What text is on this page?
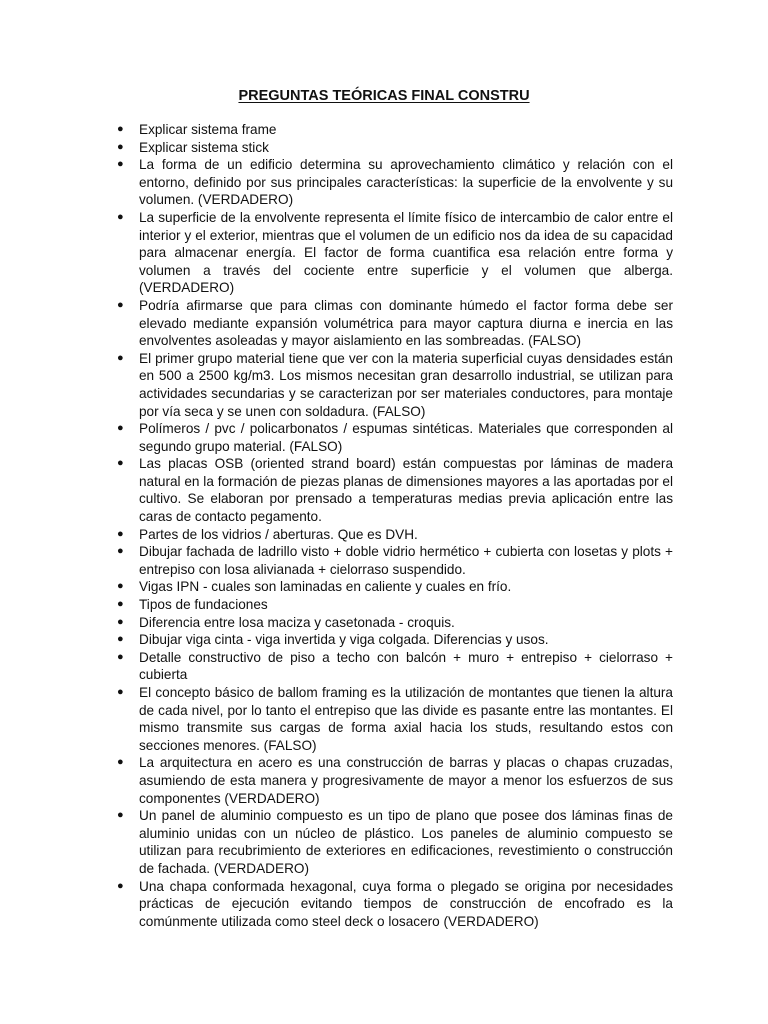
PREGUNTAS TEÓRICAS FINAL CONSTRU
● Explicar sistema frame
● Explicar sistema stick
● La forma de un edificio determina su aprovechamiento climático y relación con el entorno, definido por sus principales características: la superficie de la envolvente y su volumen. (VERDADERO)
● La superficie de la envolvente representa el límite físico de intercambio de calor entre el interior y el exterior, mientras que el volumen de un edificio nos da idea de su capacidad para almacenar energía. El factor de forma cuantifica esa relación entre forma y volumen a través del cociente entre superficie y el volumen que alberga. (VERDADERO)
● Podría afirmarse que para climas con dominante húmedo el factor forma debe ser elevado mediante expansión volumétrica para mayor captura diurna e inercia en las envolventes asoleadas y mayor aislamiento en las sombreadas. (FALSO)
● El primer grupo material tiene que ver con la materia superficial cuyas densidades están en 500 a 2500 kg/m3. Los mismos necesitan gran desarrollo industrial, se utilizan para actividades secundarias y se caracterizan por ser materiales conductores, para montaje por vía seca y se unen con soldadura. (FALSO)
● Polímeros / pvc / policarbonatos / espumas sintéticas. Materiales que corresponden al segundo grupo material. (FALSO)
● Las placas OSB (oriented strand board) están compuestas por láminas de madera natural en la formación de piezas planas de dimensiones mayores a las aportadas por el cultivo. Se elaboran por prensado a temperaturas medias previa aplicación entre las caras de contacto pegamento.
● Partes de los vidrios / aberturas. Que es DVH.
● Dibujar fachada de ladrillo visto + doble vidrio hermético + cubierta con losetas y plots + entrepiso con losa alivianada + cielorraso suspendido.
● Vigas IPN - cuales son laminadas en caliente y cuales en frío.
● Tipos de fundaciones
● Diferencia entre losa maciza y casetonada - croquis.
● Dibujar viga cinta - viga invertida y viga colgada. Diferencias y usos.
● Detalle constructivo de piso a techo con balcón + muro + entrepiso + cielorraso + cubierta
● El concepto básico de ballom framing es la utilización de montantes que tienen la altura de cada nivel, por lo tanto el entrepiso que las divide es pasante entre las montantes. El mismo transmite sus cargas de forma axial hacia los studs, resultando estos con secciones menores. (FALSO)
● La arquitectura en acero es una construcción de barras y placas o chapas cruzadas, asumiendo de esta manera y progresivamente de mayor a menor los esfuerzos de sus componentes (VERDADERO)
● Un panel de aluminio compuesto es un tipo de plano que posee dos láminas finas de aluminio unidas con un núcleo de plástico. Los paneles de aluminio compuesto se utilizan para recubrimiento de exteriores en edificaciones, revestimiento o construcción de fachada. (VERDADERO)
● Una chapa conformada hexagonal, cuya forma o plegado se origina por necesidades prácticas de ejecución evitando tiempos de construcción de encofrado es la comúnmente utilizada como steel deck o losacero (VERDADERO)
